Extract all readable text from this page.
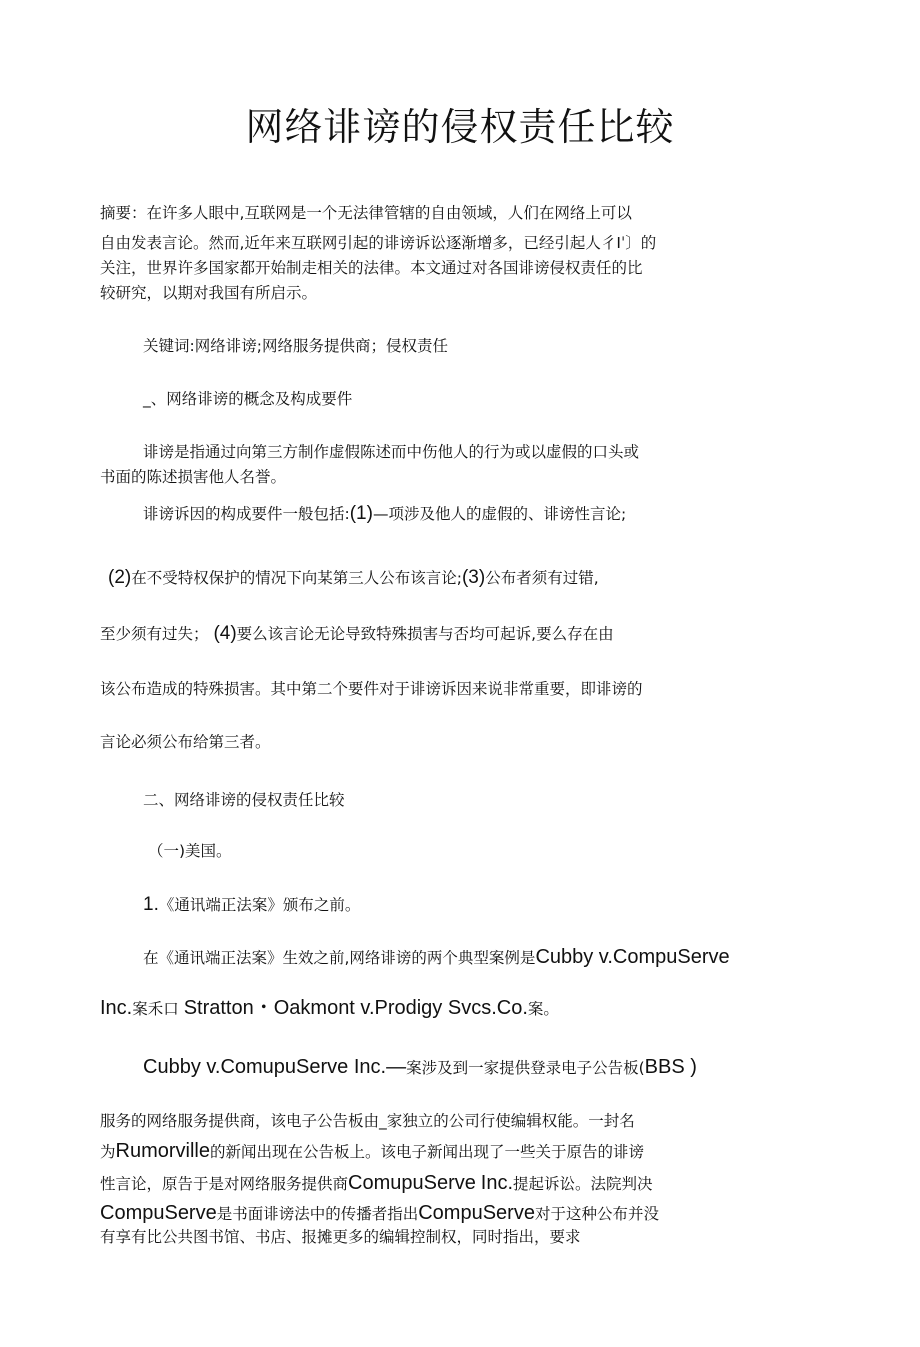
网络诽谤的侵权责任比较
摘要：在许多人眼中,互联网是一个无法律管辖的自由领域，人们在网络上可以
自由发表言论。然而,近年来互联网引起的诽谤诉讼逐渐增多，已经引起人彳Iˈ〕的
关注，世界许多国家都开始制走相关的法律。本文通过对各国诽谤侵权责任的比
较研究，以期对我国有所启示。
关键词:网络诽谤;网络服务提供商；侵权责任
_、网络诽谤的概念及构成要件
诽谤是指通过向第三方制作虚假陈述而中伤他人的行为或以虚假的口头或
书面的陈述损害他人名誉。
诽谤诉因的构成要件一般包括:(1)—项涉及他人的虚假的、诽谤性言论;
(2)在不受特权保护的情况下向某第三人公布该言论;(3)公布者须有过错,
至少须有过失； (4)要么该言论无论导致特殊损害与否均可起诉,要么存在由
该公布造成的特殊损害。其中第二个要件对于诽谤诉因来说非常重要，即诽谤的
言论必须公布给第三者。
二、网络诽谤的侵权责任比较
（一)美国。
1.《通讯端正法案》颁布之前。
在《通讯端正法案》生效之前,网络诽谤的两个典型案例是Cubby v.CompuServe
Inc.案禾口 Stratton・Oakmont v.Prodigy Svcs.Co.案。
Cubby v.ComupuServe Inc.—案涉及到一家提供登录电子公告板(BBS )
服务的网络服务提供商，该电子公告板由_家独立的公司行使编辑权能。一封名
为Rumorville的新闻出现在公告板上。该电子新闻出现了一些关于原告的诽谤
性言论，原告于是对网络服务提供商ComupuServe Inc.提起诉讼。法院判决
CompuServe是书面诽谤法中的传播者指出CompuServe对于这种公布并没
有享有比公共图书馆、书店、报摊更多的编辑控制权，同时指出，要求
